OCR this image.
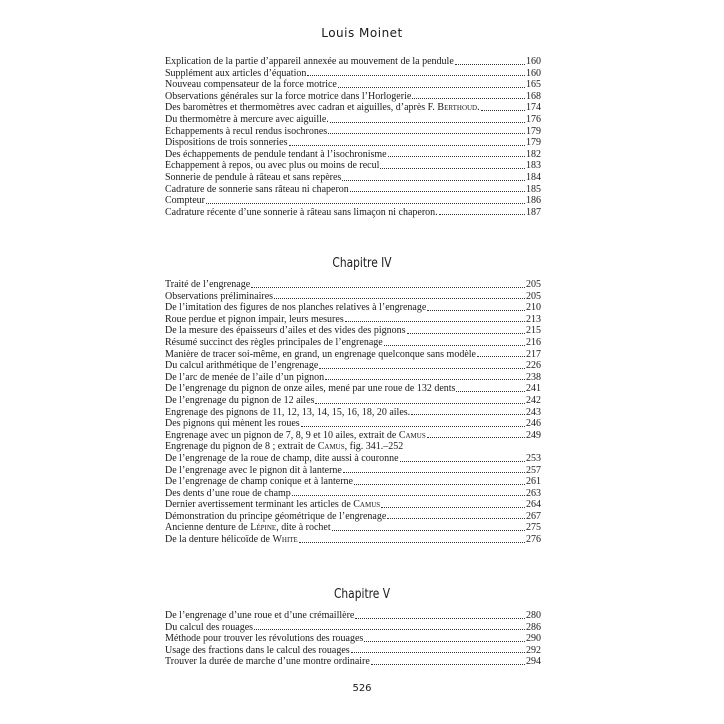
Louis Moinet
Explication de la partie d’appareil annexée au mouvement de la pendule	160
Supplément aux articles d’équation	160
Nouveau compensateur de la force motrice	165
Observations générales sur la force motrice dans l’Horlogerie	168
Des baromètres et thermomètres avec cadran et aiguilles, d’après F. Berthoud.	174
Du thermomètre à mercure avec aiguille.	176
Échappements à recul rendus isochrones	179
Dispositions de trois sonneries	179
Des échappements de pendule tendant à l’isochronisme	182
Échappement à repos, ou avec plus ou moins de recul	183
Sonnerie de pendule à râteau et sans repères	184
Cadrature de sonnerie sans râteau ni chaperon	185
Compteur	186
Cadrature récente d’une sonnerie à râteau sans limaçon ni chaperon.	187
Chapitre IV
Traité de l’engrenage	205
Observations préliminaires	205
De l’imitation des figures de nos planches relatives à l’engrenage	210
Roue perdue et pignon impair, leurs mesures	213
De la mesure des épaisseurs d’ailes et des vides des pignons	215
Résumé succinct des règles principales de l’engrenage	216
Manière de tracer soi-même, en grand, un engrenage quelconque sans modèle	217
Du calcul arithmétique de l’engrenage	226
De l’arc de menée de l’aile d’un pignon	238
De l’engrenage du pignon de onze ailes, mené par une roue de 132 dents	241
De l’engrenage du pignon de 12 ailes	242
Engrenage des pignons de 11, 12, 13, 14, 15, 16, 18, 20 ailes.	243
Des pignons qui mènent les roues	246
Engrenage avec un pignon de 7, 8, 9 et 10 ailes, extrait de Camus	249
Engrenage du pignon de 8 ; extrait de Camus, fig. 341.–252
De l’engrenage de la roue de champ, dite aussi à couronne	253
De l’engrenage avec le pignon dit à lanterne	257
De l’engrenage de champ conique et à lanterne	261
Des dents d’une roue de champ	263
Dernier avertissement terminant les articles de Camus	264
Démonstration du principe géométrique de l’engrenage	267
Ancienne denture de Lépine, dite à rochet	275
De la denture hélicoïde de White	276
Chapitre V
De l’engrenage d’une roue et d’une crémaillère	280
Du calcul des rouages	286
Méthode pour trouver les révolutions des rouages	290
Usage des fractions dans le calcul des rouages	292
Trouver la durée de marche d’une montre ordinaire	294
526
